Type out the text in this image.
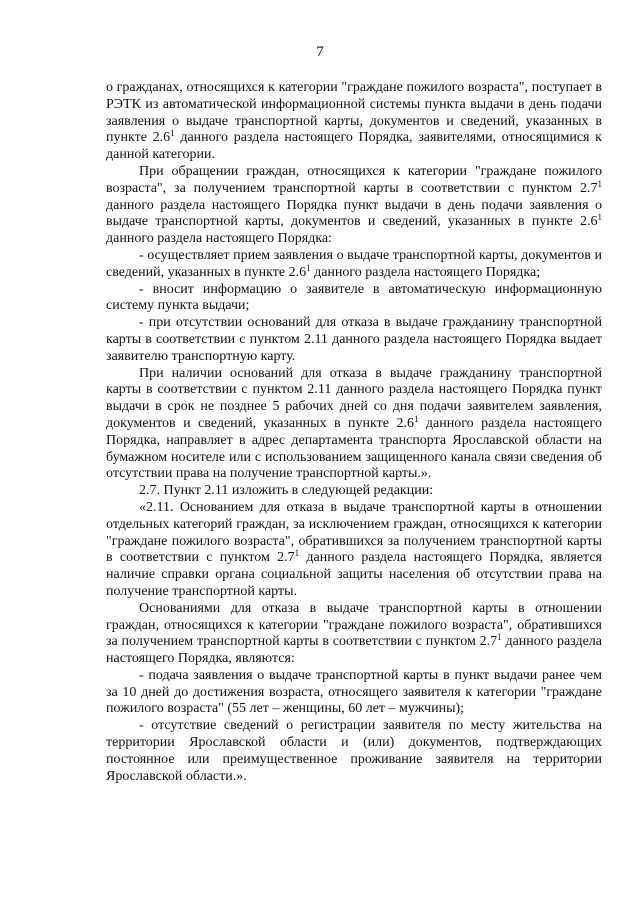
7

о гражданах, относящихся к категории "граждане пожилого возраста", поступает в РЭТК из автоматической информационной системы пункта выдачи в день подачи заявления о выдаче транспортной карты, документов и сведений, указанных в пункте $2.6^1$ данного раздела настоящего Порядка, заявителями, относящимися к данной категории.

При обращении граждан, относящихся к категории "граждане пожилого возраста", за получением транспортной карты в соответствии с пунктом $2.7^1$ данного раздела настоящего Порядка пункт выдачи в день подачи заявления о выдаче транспортной карты, документов и сведений, указанных в пункте $2.6^1$ данного раздела настоящего Порядка:

- осуществляет прием заявления о выдаче транспортной карты, документов и сведений, указанных в пункте $2.6^1$ данного раздела настоящего Порядка;

- вносит информацию о заявителе в автоматическую информационную систему пункта выдачи;

- при отсутствии оснований для отказа в выдаче гражданину транспортной карты в соответствии с пунктом 2.11 данного раздела настоящего Порядка выдает заявителю транспортную карту.

При наличии оснований для отказа в выдаче гражданину транспортной карты в соответствии с пунктом 2.11 данного раздела настоящего Порядка пункт выдачи в срок не позднее 5 рабочих дней со дня подачи заявителем заявления, документов и сведений, указанных в пункте $2.6^1$ данного раздела настоящего Порядка, направляет в адрес департамента транспорта Ярославской области на бумажном носителе или с использованием защищенного канала связи сведения об отсутствии права на получение транспортной карты.».

2.7. Пункт 2.11 изложить в следующей редакции:

«2.11. Основанием для отказа в выдаче транспортной карты в отношении отдельных категорий граждан, за исключением граждан, относящихся к категории "граждане пожилого возраста", обратившихся за получением транспортной карты в соответствии с пунктом $2.7^1$ данного раздела настоящего Порядка, является наличие справки органа социальной защиты населения об отсутствии права на получение транспортной карты.

Основаниями для отказа в выдаче транспортной карты в отношении граждан, относящихся к категории "граждане пожилого возраста", обратившихся за получением транспортной карты в соответствии с пунктом $2.7^1$ данного раздела настоящего Порядка, являются:

- подача заявления о выдаче транспортной карты в пункт выдачи ранее чем за 10 дней до достижения возраста, относящего заявителя к категории "граждане пожилого возраста" (55 лет – женщины, 60 лет – мужчины);

- отсутствие сведений о регистрации заявителя по месту жительства на территории Ярославской области и (или) документов, подтверждающих постоянное или преимущественное проживание заявителя на территории Ярославской области.».
